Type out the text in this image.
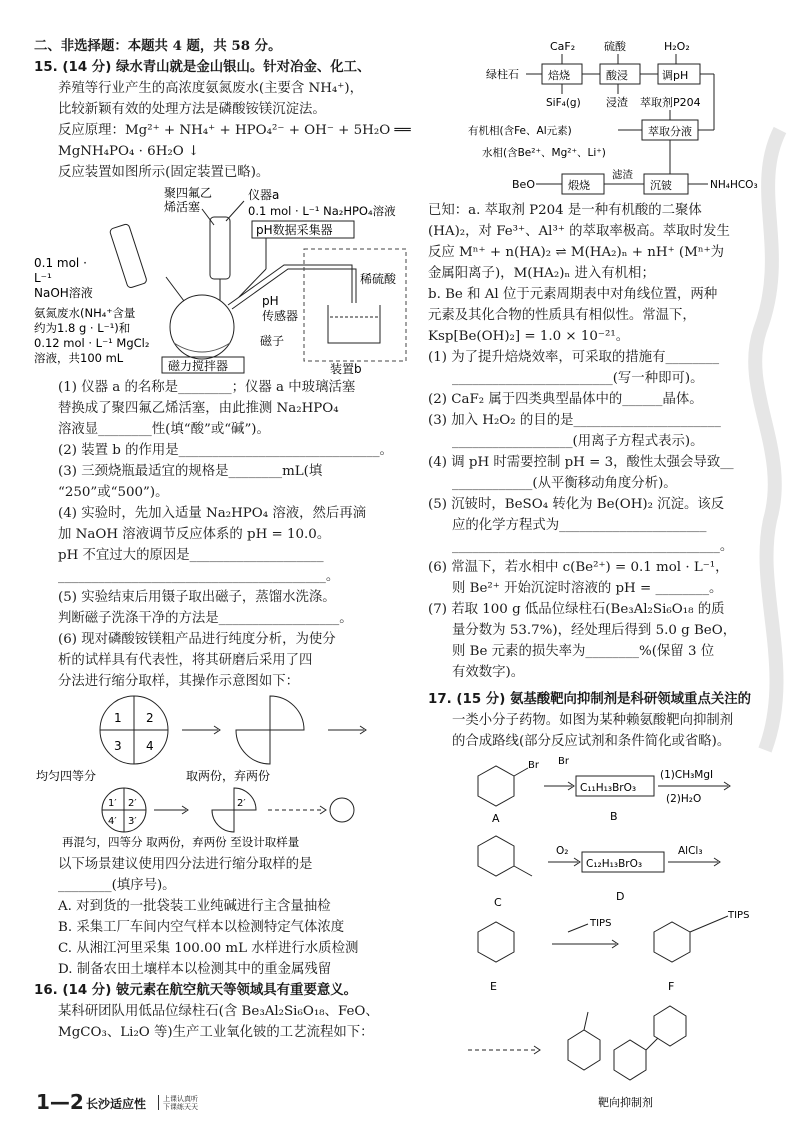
二、非选择题：本题共 4 题，共 58 分。

15. (14 分) 绿水青山就是金山银山。针对冶金、化工、

养殖等行业产生的高浓度氨氮废水(主要含 NH₄⁺)，

比较新颖有效的处理方法是磷酸铵镁沉淀法。

反应原理：Mg²⁺ + NH₄⁺ + HPO₄²⁻ + OH⁻ + 5H₂O ══

MgNH₄PO₄ · 6H₂O ↓

反应装置如图所示(固定装置已略)。

聚四氟乙
烯活塞
仪器a
0.1 mol · L⁻¹ Na₂HPO₄溶液
pH数据采集器
0.1 mol ·
L⁻¹
NaOH溶液
稀硫酸
装置b
氨氮废水(NH₄⁺含量
约为1.8 g · L⁻¹)和
0.12 mol · L⁻¹ MgCl₂
溶液，共100 mL
pH
传感器
磁子
磁力搅拌器

(1) 仪器 a 的名称是________；仪器 a 中玻璃活塞

替换成了聚四氟乙烯活塞，由此推测 Na₂HPO₄

溶液显________性(填“酸”或“碱”)。

(2) 装置 b 的作用是______________________________。

(3) 三颈烧瓶最适宜的规格是________mL(填

“250”或“500”)。

(4) 实验时，先加入适量 Na₂HPO₄ 溶液，然后再滴

加 NaOH 溶液调节反应体系的 pH = 10.0。

pH 不宜过大的原因是____________________

________________________________________。

(5) 实验结束后用镊子取出磁子，蒸馏水洗涤。

判断磁子洗涤干净的方法是__________________。

(6) 现对磷酸铵镁粗产品进行纯度分析，为使分

析的试样具有代表性，将其研磨后采用了四

分法进行缩分取样，其操作示意图如下：

1 2
3 4
均匀四等分	取两份，弃两份
1′ 2′
4′ 3′
2′
再混匀，四等分 取两份，弃两份 至设计取样量

以下场景建议使用四分法进行缩分取样的是

________(填序号)。

A. 对到货的一批袋装工业纯碱进行主含量抽检

B. 采集工厂车间内空气样本以检测特定气体浓度

C. 从湘江河里采集 100.00 mL 水样进行水质检测

D. 制备农田土壤样本以检测其中的重金属残留

16. (14 分) 铍元素在航空航天等领域具有重要意义。

某科研团队用低品位绿柱石(含 Be₃Al₂Si₆O₁₈、FeO、

MgCO₃、Li₂O 等)生产工业氧化铍的工艺流程如下：

CaF₂	硫酸	H₂O₂
绿柱石	焙烧	酸浸	调pH
SiF₄(g) 浸渣 萃取剂P204
萃取分液
有机相(含Fe、Al元素)
水相(含Be²⁺、Mg²⁺、Li⁺)
沉铍	NH₄HCO₃
滤渣
煅烧
BeO

已知：a. 萃取剂 P204 是一种有机酸的二聚体

(HA)₂，对 Fe³⁺、Al³⁺ 的萃取率极高。萃取时发生

反应 Mⁿ⁺ + n(HA)₂ ⇌ M(HA₂)ₙ + nH⁺ (Mⁿ⁺为

金属阳离子)，M(HA₂)ₙ 进入有机相；

b. Be 和 Al 位于元素周期表中对角线位置，两种

元素及其化合物的性质具有相似性。常温下，

Ksp[Be(OH)₂] = 1.0 × 10⁻²¹。

(1) 为了提升焙烧效率，可采取的措施有________

________________________(写一种即可)。

(2) CaF₂ 属于四类典型晶体中的______晶体。

(3) 加入 H₂O₂ 的目的是______________________

__________________(用离子方程式表示)。

(4) 调 pH 时需要控制 pH = 3，酸性太强会导致__

____________(从平衡移动角度分析)。

(5) 沉铍时，BeSO₄ 转化为 Be(OH)₂ 沉淀。该反

应的化学方程式为______________________

________________________________________。

(6) 常温下，若水相中 c(Be²⁺) = 0.1 mol · L⁻¹，

则 Be²⁺ 开始沉淀时溶液的 pH = ________。

(7) 若取 100 g 低品位绿柱石(Be₃Al₂Si₆O₁₈ 的质

量分数为 53.7%)，经处理后得到 5.0 g BeO，

则 Be 元素的损失率为________%(保留 3 位

有效数字)。

17. (15 分) 氨基酸靶向抑制剂是科研领域重点关注的

一类小分子药物。如图为某种赖氨酸靶向抑制剂

的合成路线(部分反应试剂和条件简化或省略)。

Br
A
Br
C₁₁H₁₃BrO₃
B
(1)CH₃MgI
(2)H₂O
C
O₂
C₁₂H₁₃BrO₃
D
AlCl₃
E
TIPS
TIPS
F
靶向抑制剂
1—2 长沙适应性 上课认真听
下课练天天
